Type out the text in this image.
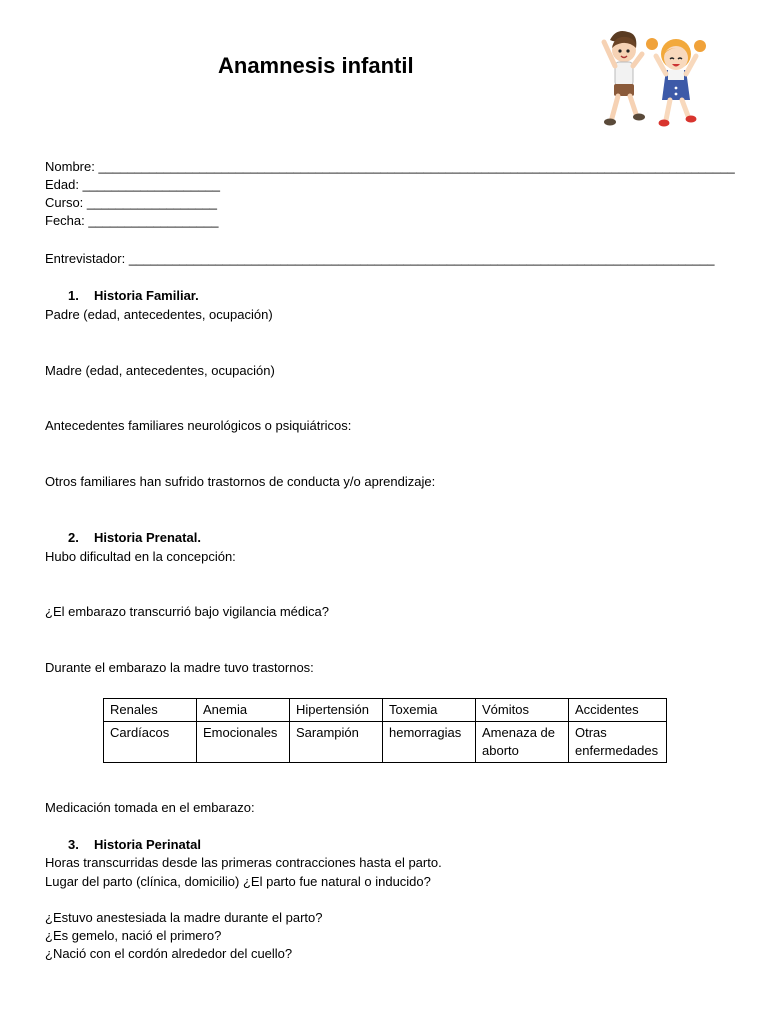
Anamnesis infantil
Nombre: ________________________________________________________________________________________
Edad: ___________________
Curso: __________________
Fecha: __________________
Entrevistador: _________________________________________________________________________________
1. Historia Familiar.
Padre (edad, antecedentes, ocupación)
Madre (edad, antecedentes, ocupación)
Antecedentes familiares neurológicos o psiquiátricos:
Otros familiares han sufrido trastornos de conducta y/o aprendizaje:
2. Historia Prenatal.
Hubo dificultad en la concepción:
¿El embarazo transcurrió bajo vigilancia médica?
Durante el embarazo la madre tuvo trastornos:
Renales	Anemia	Hipertensión	Toxemia	Vómitos	Accidentes
Cardíacos	Emocionales	Sarampión	hemorragias	Amenaza de aborto	Otras enfermedades
Medicación tomada en el embarazo:
3. Historia Perinatal
Horas transcurridas desde las primeras contracciones hasta el parto.
Lugar del parto (clínica, domicilio) ¿El parto fue natural o inducido?
¿Estuvo anestesiada la madre durante el parto?
¿Es gemelo, nació el primero?
¿Nació con el cordón alrededor del cuello?
